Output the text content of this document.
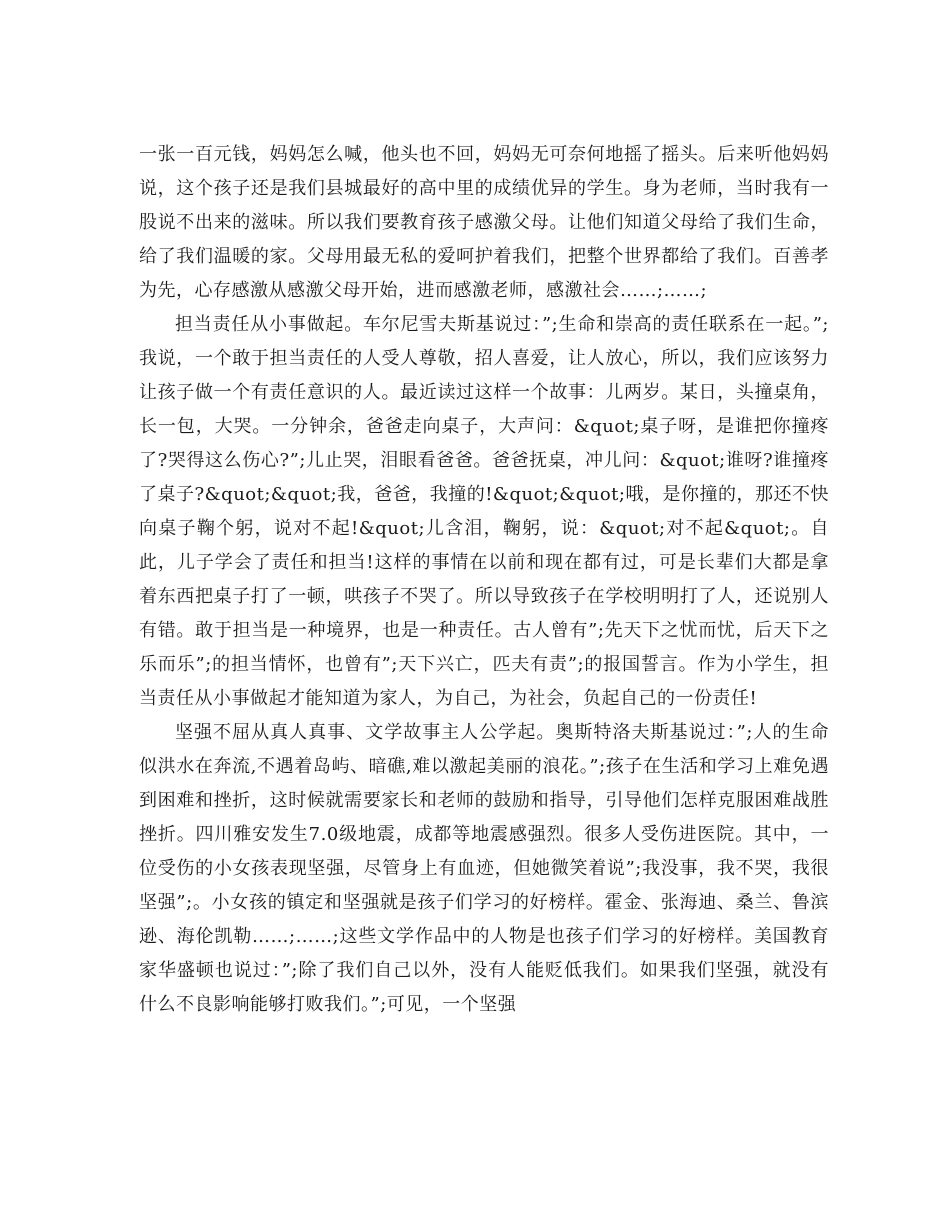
一张一百元钱，妈妈怎么喊，他头也不回，妈妈无可奈何地摇了摇头。后来听他妈妈说，这个孩子还是我们县城最好的高中里的成绩优异的学生。身为老师，当时我有一股说不出来的滋味。所以我们要教育孩子感激父母。让他们知道父母给了我们生命，给了我们温暖的家。父母用最无私的爱呵护着我们，把整个世界都给了我们。百善孝为先，心存感激从感激父母开始，进而感激老师，感激社会……;……;

担当责任从小事做起。车尔尼雪夫斯基说过：”;生命和崇高的责任联系在一起。”;我说，一个敢于担当责任的人受人尊敬，招人喜爱，让人放心，所以，我们应该努力让孩子做一个有责任意识的人。最近读过这样一个故事：儿两岁。某日，头撞桌角，长一包，大哭。一分钟余，爸爸走向桌子，大声问：&quot;桌子呀，是谁把你撞疼了?哭得这么伤心?”;儿止哭，泪眼看爸爸。爸爸抚桌，冲儿问：&quot;谁呀?谁撞疼了桌子?&quot;&quot;我，爸爸，我撞的!&quot;&quot;哦，是你撞的，那还不快向桌子鞠个躬，说对不起!&quot;儿含泪，鞠躬，说：&quot;对不起&quot;。自此，儿子学会了责任和担当!这样的事情在以前和现在都有过，可是长辈们大都是拿着东西把桌子打了一顿，哄孩子不哭了。所以导致孩子在学校明明打了人，还说别人有错。敢于担当是一种境界，也是一种责任。古人曾有”;先天下之忧而忧，后天下之乐而乐”;的担当情怀，也曾有”;天下兴亡，匹夫有责”;的报国誓言。作为小学生，担当责任从小事做起才能知道为家人，为自己，为社会，负起自己的一份责任!

坚强不屈从真人真事、文学故事主人公学起。奥斯特洛夫斯基说过：”;人的生命似洪水在奔流,不遇着岛屿、暗礁,难以激起美丽的浪花。”;孩子在生活和学习上难免遇到困难和挫折，这时候就需要家长和老师的鼓励和指导，引导他们怎样克服困难战胜挫折。四川雅安发生7.0级地震，成都等地震感强烈。很多人受伤进医院。其中，一位受伤的小女孩表现坚强，尽管身上有血迹，但她微笑着说”;我没事，我不哭，我很坚强”;。小女孩的镇定和坚强就是孩子们学习的好榜样。霍金、张海迪、桑兰、鲁滨逊、海伦凯勒……;……;这些文学作品中的人物是也孩子们学习的好榜样。美国教育家华盛顿也说过：”;除了我们自己以外，没有人能贬低我们。如果我们坚强，就没有什么不良影响能够打败我们。”;可见，一个坚强
